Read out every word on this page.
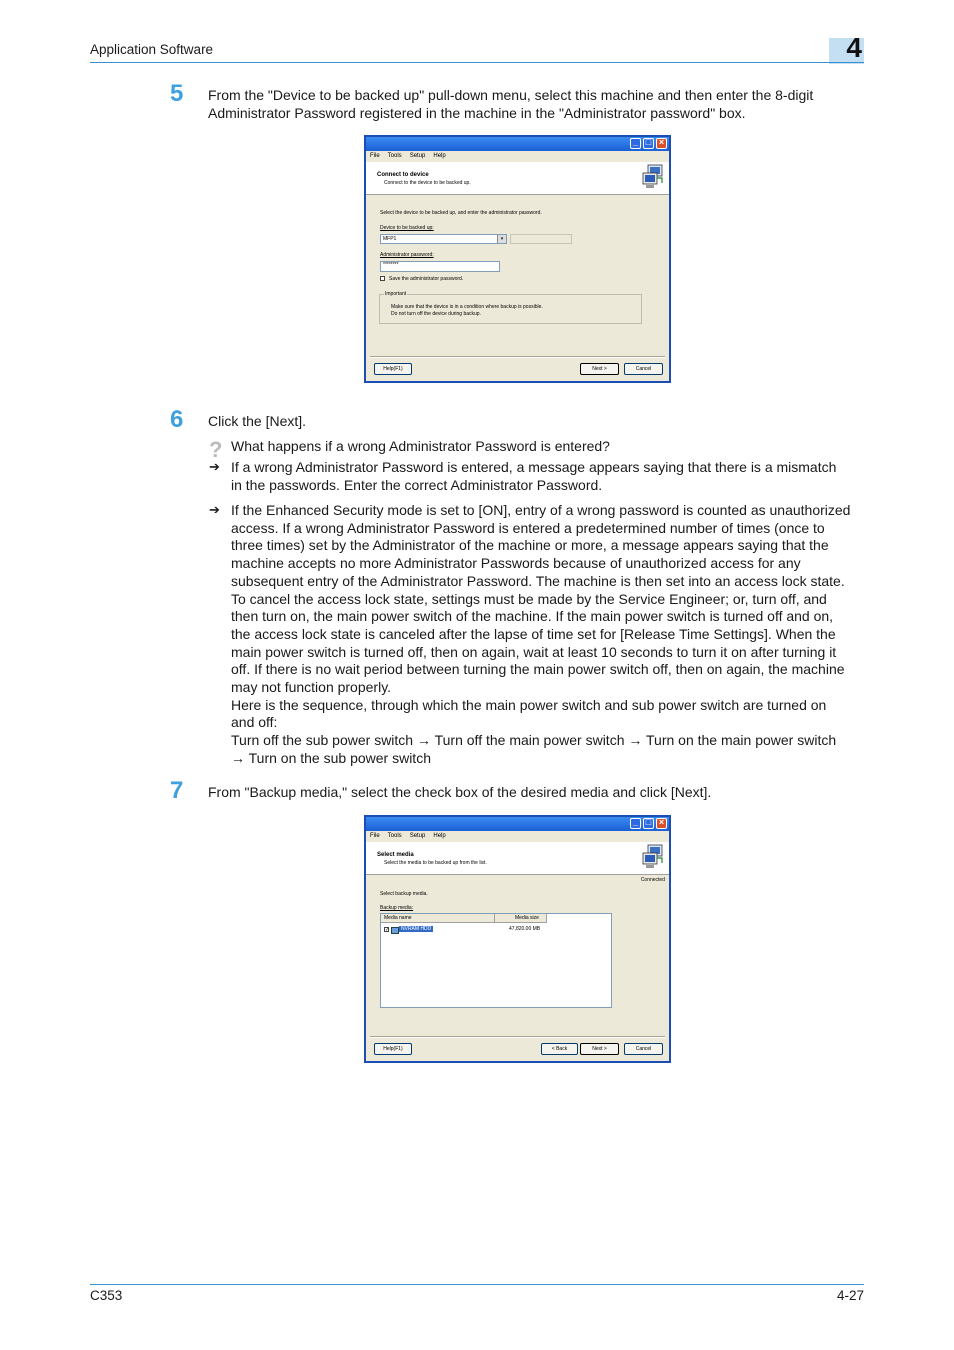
Application Software	4
5 From the "Device to be backed up" pull-down menu, select this machine and then enter the 8-digit
Administrator Password registered in the machine in the "Administrator password" box.
_ □ ×
File Tools Setup Help
Connect to device
Connect to the device to be backed up.
Select the device to be backed up, and enter the administrator password.
Device to be backed up:
MFP1	▾
Administrator password:
********
Save the administrator password.
Important
Make sure that the device is in a condition where backup is possible.
Do not turn off the device during backup.
Help(F1)	Next >	Cancel
6 Click the [Next].
? What happens if a wrong Administrator Password is entered?
➔ If a wrong Administrator Password is entered, a message appears saying that there is a mismatch
in the passwords. Enter the correct Administrator Password.
➔ If the Enhanced Security mode is set to [ON], entry of a wrong password is counted as unauthorized
access. If a wrong Administrator Password is entered a predetermined number of times (once to
three times) set by the Administrator of the machine or more, a message appears saying that the
machine accepts no more Administrator Passwords because of unauthorized access for any
subsequent entry of the Administrator Password. The machine is then set into an access lock state.
To cancel the access lock state, settings must be made by the Service Engineer; or, turn off, and
then turn on, the main power switch of the machine. If the main power switch is turned off and on,
the access lock state is canceled after the lapse of time set for [Release Time Settings]. When the
main power switch is turned off, then on again, wait at least 10 seconds to turn it on after turning it
off. If there is no wait period between turning the main power switch off, then on again, the machine
may not function properly.
Here is the sequence, through which the main power switch and sub power switch are turned on
and off:
Turn off the sub power switch → Turn off the main power switch → Turn on the main power switch
→ Turn on the sub power switch
7 From "Backup media," select the check box of the desired media and click [Next].
_ □ ×
File Tools Setup Help
Select media
Select the media to be backed up from the list.
Connected
Select backup media.
Backup media:
Media name	Media size
✓	NVRAM HDD	47,820.00 MB
Help(F1)	< Back	Next >	Cancel
C353	4-27
